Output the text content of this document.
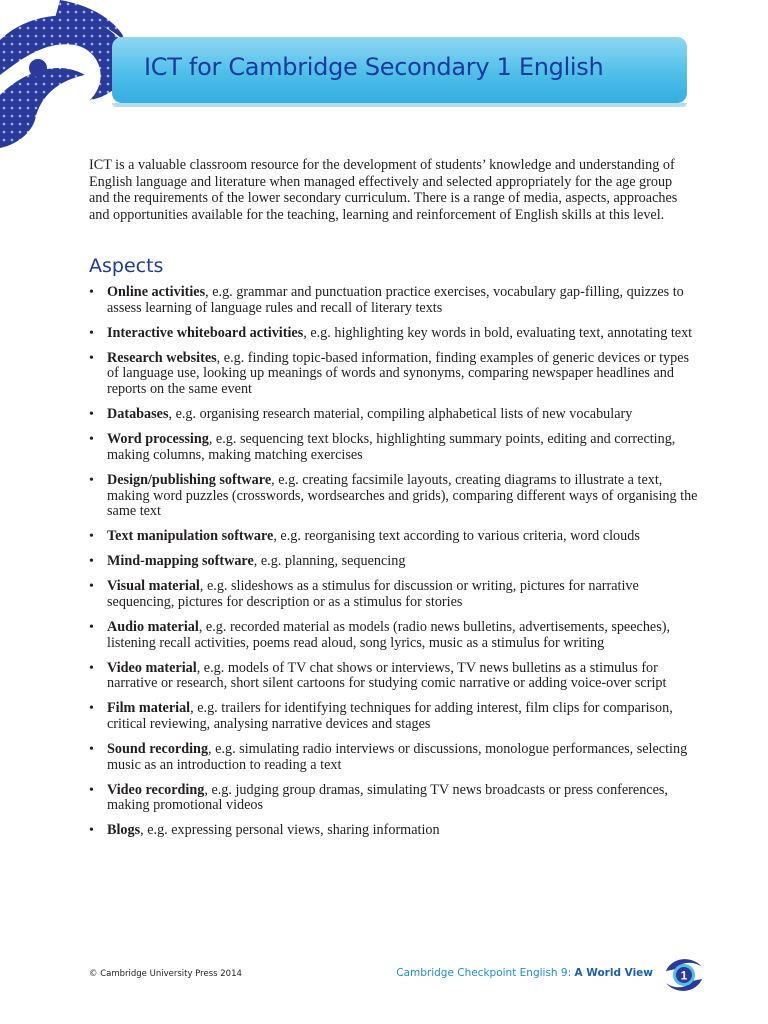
ICT for Cambridge Secondary 1 English

ICT is a valuable classroom resource for the development of students’ knowledge and understanding of English language and literature when managed effectively and selected appropriately for the age group and the requirements of the lower secondary curriculum. There is a range of media, aspects, approaches and opportunities available for the teaching, learning and reinforcement of English skills at this level.

Aspects
• Online activities, e.g. grammar and punctuation practice exercises, vocabulary gap-filling, quizzes to assess learning of language rules and recall of literary texts
• Interactive whiteboard activities, e.g. highlighting key words in bold, evaluating text, annotating text
• Research websites, e.g. finding topic-based information, finding examples of generic devices or types of language use, looking up meanings of words and synonyms, comparing newspaper headlines and reports on the same event
• Databases, e.g. organising research material, compiling alphabetical lists of new vocabulary
• Word processing, e.g. sequencing text blocks, highlighting summary points, editing and correcting, making columns, making matching exercises
• Design/publishing software, e.g. creating facsimile layouts, creating diagrams to illustrate a text, making word puzzles (crosswords, wordsearches and grids), comparing different ways of organising the same text
• Text manipulation software, e.g. reorganising text according to various criteria, word clouds
• Mind-mapping software, e.g. planning, sequencing
• Visual material, e.g. slideshows as a stimulus for discussion or writing, pictures for narrative sequencing, pictures for description or as a stimulus for stories
• Audio material, e.g. recorded material as models (radio news bulletins, advertisements, speeches), listening recall activities, poems read aloud, song lyrics, music as a stimulus for writing
• Video material, e.g. models of TV chat shows or interviews, TV news bulletins as a stimulus for narrative or research, short silent cartoons for studying comic narrative or adding voice-over script
• Film material, e.g. trailers for identifying techniques for adding interest, film clips for comparison, critical reviewing, analysing narrative devices and stages
• Sound recording, e.g. simulating radio interviews or discussions, monologue performances, selecting music as an introduction to reading a text
• Video recording, e.g. judging group dramas, simulating TV news broadcasts or press conferences, making promotional videos
• Blogs, e.g. expressing personal views, sharing information
© Cambridge University Press 2014	Cambridge Checkpoint English 9: A World View 1
